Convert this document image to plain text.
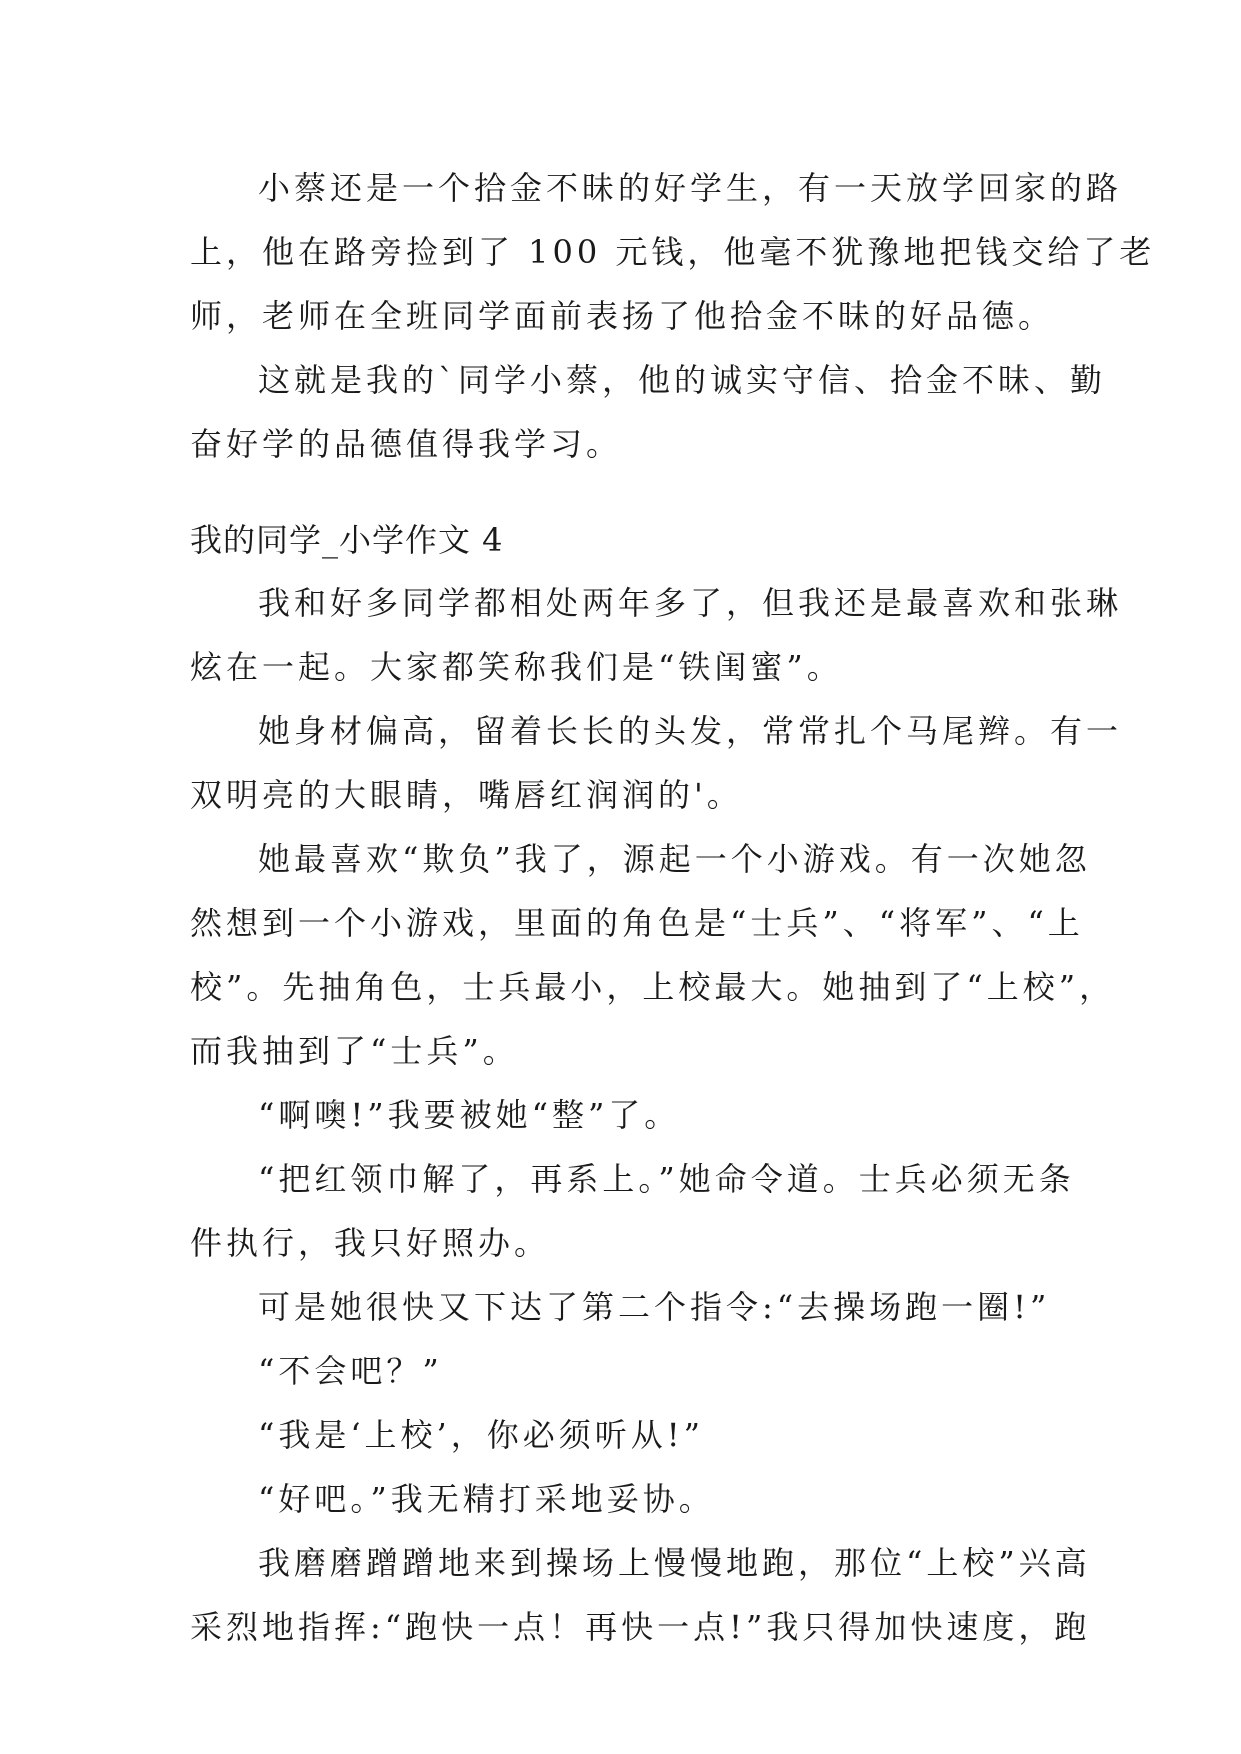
小蔡还是一个拾金不昧的好学生，有一天放学回家的路
上，他在路旁捡到了 100 元钱，他毫不犹豫地把钱交给了老
师，老师在全班同学面前表扬了他拾金不昧的好品德。
这就是我的`同学小蔡，他的诚实守信、拾金不昧、勤
奋好学的品德值得我学习。
我的同学_小学作文 4
我和好多同学都相处两年多了，但我还是最喜欢和张琳
炫在一起。大家都笑称我们是“铁闺蜜”。
她身材偏高，留着长长的头发，常常扎个马尾辫。有一
双明亮的大眼睛，嘴唇红润润的'。
她最喜欢“欺负”我了，源起一个小游戏。有一次她忽
然想到一个小游戏，里面的角色是“士兵”、“将军”、“上
校”。先抽角色，士兵最小，上校最大。她抽到了“上校”，
而我抽到了“士兵”。
“啊噢!”我要被她“整”了。
“把红领巾解了，再系上。”她命令道。士兵必须无条
件执行，我只好照办。
可是她很快又下达了第二个指令:“去操场跑一圈!”
“不会吧？”
“我是‘上校’，你必须听从!”
“好吧。”我无精打采地妥协。
我磨磨蹭蹭地来到操场上慢慢地跑，那位“上校”兴高
采烈地指挥:“跑快一点！再快一点!”我只得加快速度，跑
